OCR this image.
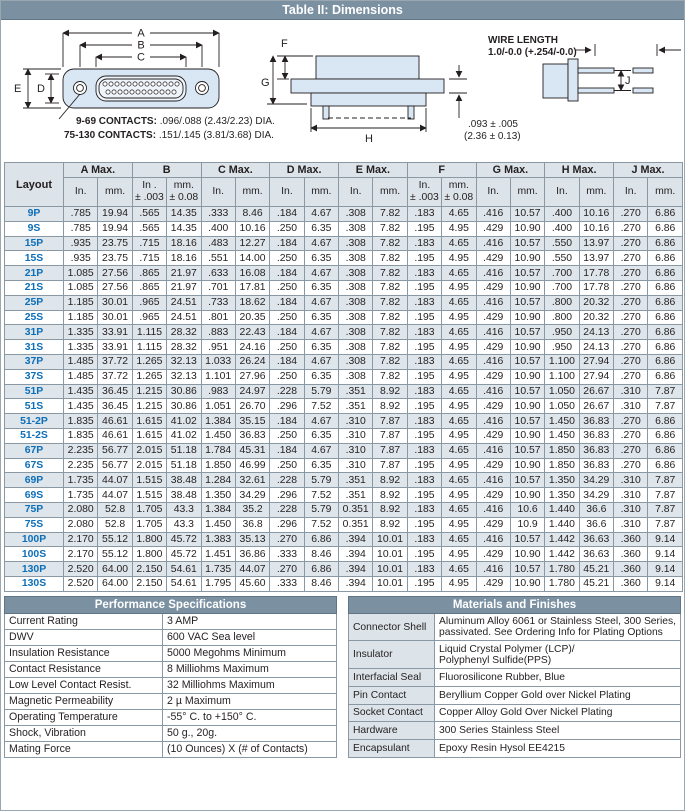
Table II: Dimensions
A
B
C
E D
F
G
H
J
9-69 CONTACTS: .096/.088 (2.43/2.23) DIA.
75-130 CONTACTS: .151/.145 (3.81/3.68) DIA.
WIRE LENGTH
1.0/-0.0 (+.254/-0.0)
.093 ± .005
(2.36 ± 0.13)
Layout	A Max.		B		C Max.		D Max.		E Max.		F		G Max.		H Max.		J Max.	

In.	mm.

In .
± .003

mm.
± 0.08

In.	mm.	In.	mm.	In.	mm.

In.
± .003

mm.
± 0.08

In.	mm.	In.	mm.	In.	mm.

9P	.785	19.94	.565	14.35	.333	8.46	.184	4.67	.308	7.82	.183	4.65	.416	10.57	.400	10.16	.270	6.86
9S	.785	19.94	.565	14.35	.400	10.16	.250	6.35	.308	7.82	.195	4.95	.429	10.90	.400	10.16	.270	6.86
15P	.935	23.75	.715	18.16	.483	12.27	.184	4.67	.308	7.82	.183	4.65	.416	10.57	.550	13.97	.270	6.86
15S	.935	23.75	.715	18.16	.551	14.00	.250	6.35	.308	7.82	.195	4.95	.429	10.90	.550	13.97	.270	6.86
21P	1.085	27.56	.865	21.97	.633	16.08	.184	4.67	.308	7.82	.183	4.65	.416	10.57	.700	17.78	.270	6.86
21S	1.085	27.56	.865	21.97	.701	17.81	.250	6.35	.308	7.82	.195	4.95	.429	10.90	.700	17.78	.270	6.86
25P	1.185	30.01	.965	24.51	.733	18.62	.184	4.67	.308	7.82	.183	4.65	.416	10.57	.800	20.32	.270	6.86
25S	1.185	30.01	.965	24.51	.801	20.35	.250	6.35	.308	7.82	.195	4.95	.429	10.90	.800	20.32	.270	6.86
31P	1.335	33.91	1.115	28.32	.883	22.43	.184	4.67	.308	7.82	.183	4.65	.416	10.57	.950	24.13	.270	6.86
31S	1.335	33.91	1.115	28.32	.951	24.16	.250	6.35	.308	7.82	.195	4.95	.429	10.90	.950	24.13	.270	6.86
37P	1.485	37.72	1.265	32.13	1.033	26.24	.184	4.67	.308	7.82	.183	4.65	.416	10.57	1.100	27.94	.270	6.86
37S	1.485	37.72	1.265	32.13	1.101	27.96	.250	6.35	.308	7.82	.195	4.95	.429	10.90	1.100	27.94	.270	6.86
51P	1.435	36.45	1.215	30.86	.983	24.97	.228	5.79	.351	8.92	.183	4.65	.416	10.57	1.050	26.67	.310	7.87
51S	1.435	36.45	1.215	30.86	1.051	26.70	.296	7.52	.351	8.92	.195	4.95	.429	10.90	1.050	26.67	.310	7.87
51-2P	1.835	46.61	1.615	41.02	1.384	35.15	.184	4.67	.310	7.87	.183	4.65	.416	10.57	1.450	36.83	.270	6.86
51-2S	1.835	46.61	1.615	41.02	1.450	36.83	.250	6.35	.310	7.87	.195	4.95	.429	10.90	1.450	36.83	.270	6.86
67P	2.235	56.77	2.015	51.18	1.784	45.31	.184	4.67	.310	7.87	.183	4.65	.416	10.57	1.850	36.83	.270	6.86
67S	2.235	56.77	2.015	51.18	1.850	46.99	.250	6.35	.310	7.87	.195	4.95	.429	10.90	1.850	36.83	.270	6.86
69P	1.735	44.07	1.515	38.48	1.284	32.61	.228	5.79	.351	8.92	.183	4.65	.416	10.57	1.350	34.29	.310	7.87
69S	1.735	44.07	1.515	38.48	1.350	34.29	.296	7.52	.351	8.92	.195	4.95	.429	10.90	1.350	34.29	.310	7.87
75P	2.080	52.8	1.705	43.3	1.384	35.2	.228	5.79	0.351	8.92	.183	4.65	.416	10.6	1.440	36.6	.310	7.87
75S	2.080	52.8	1.705	43.3	1.450	36.8	.296	7.52	0.351	8.92	.195	4.95	.429	10.9	1.440	36.6	.310	7.87
100P	2.170	55.12	1.800	45.72	1.383	35.13	.270	6.86	.394	10.01	.183	4.65	.416	10.57	1.442	36.63	.360	9.14
100S	2.170	55.12	1.800	45.72	1.451	36.86	.333	8.46	.394	10.01	.195	4.95	.429	10.90	1.442	36.63	.360	9.14
130P	2.520	64.00	2.150	54.61	1.735	44.07	.270	6.86	.394	10.01	.183	4.65	.416	10.57	1.780	45.21	.360	9.14
130S	2.520	64.00	2.150	54.61	1.795	45.60	.333	8.46	.394	10.01	.195	4.95	.429	10.90	1.780	45.21	.360	9.14
Performance Specifications	
Current Rating	3 AMP
DWV	600 VAC Sea level
Insulation Resistance	5000 Megohms Minimum
Contact Resistance	8 Milliohms Maximum
Low Level Contact Resist.	32 Milliohms Maximum
Magnetic Permeability	2 µ Maximum
Operating Temperature	-55° C. to +150° C.
Shock, Vibration	50 g., 20g.
Mating Force	(10 Ounces) X (# of Contacts)
Materials and Finishes	
Connector Shell	Aluminum Alloy 6061 or Stainless Steel, 300 Series,
passivated. See Ordering Info for Plating Options

Insulator	Liquid Crystal Polymer (LCP)/
Polyphenyl Sulfide(PPS)

Interfacial Seal	Fluorosilicone Rubber, Blue
Pin Contact	Beryllium Copper Gold over Nickel Plating
Socket Contact	Copper Alloy Gold Over Nickel Plating
Hardware	300 Series Stainless Steel
Encapsulant	Epoxy Resin Hysol EE4215
